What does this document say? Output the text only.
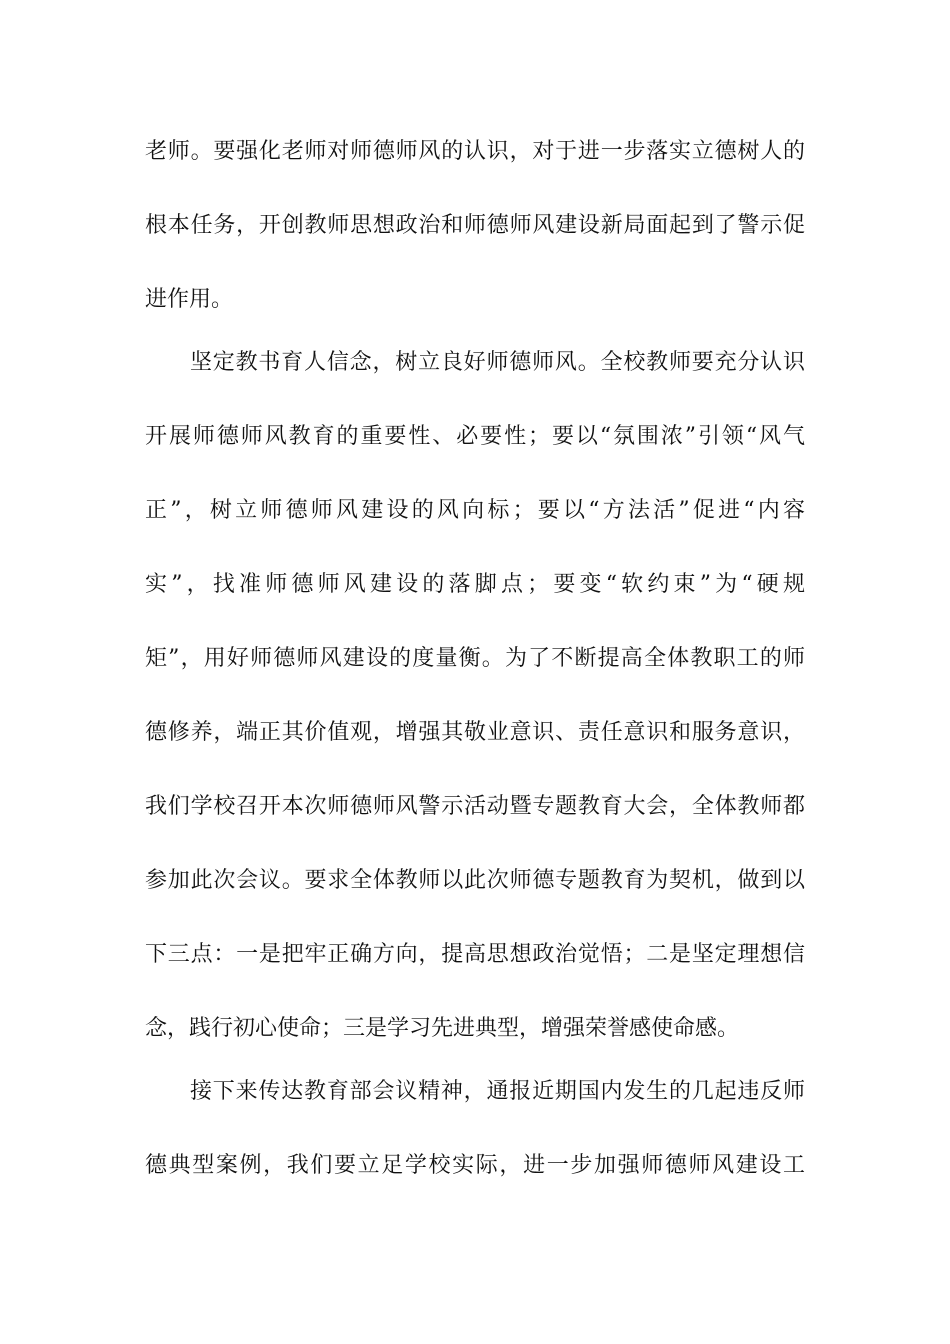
老师。要强化老师对师德师风的认识，对于进一步落实立德树人的
根本任务，开创教师思想政治和师德师风建设新局面起到了警示促
进作用。
坚定教书育人信念，树立良好师德师风。全校教师要充分认识
开展师德师风教育的重要性、必要性；要以“氛围浓”引领“风气
正”，树立师德师风建设的风向标；要以“方法活”促进“内容
实”，找准师德师风建设的落脚点；要变“软约束”为“硬规
矩”，用好师德师风建设的度量衡。为了不断提高全体教职工的师
德修养，端正其价值观，增强其敬业意识、责任意识和服务意识，
我们学校召开本次师德师风警示活动暨专题教育大会，全体教师都
参加此次会议。要求全体教师以此次师德专题教育为契机，做到以
下三点：一是把牢正确方向，提高思想政治觉悟；二是坚定理想信
念，践行初心使命；三是学习先进典型，增强荣誉感使命感。
接下来传达教育部会议精神，通报近期国内发生的几起违反师
德典型案例，我们要立足学校实际，进一步加强师德师风建设工
